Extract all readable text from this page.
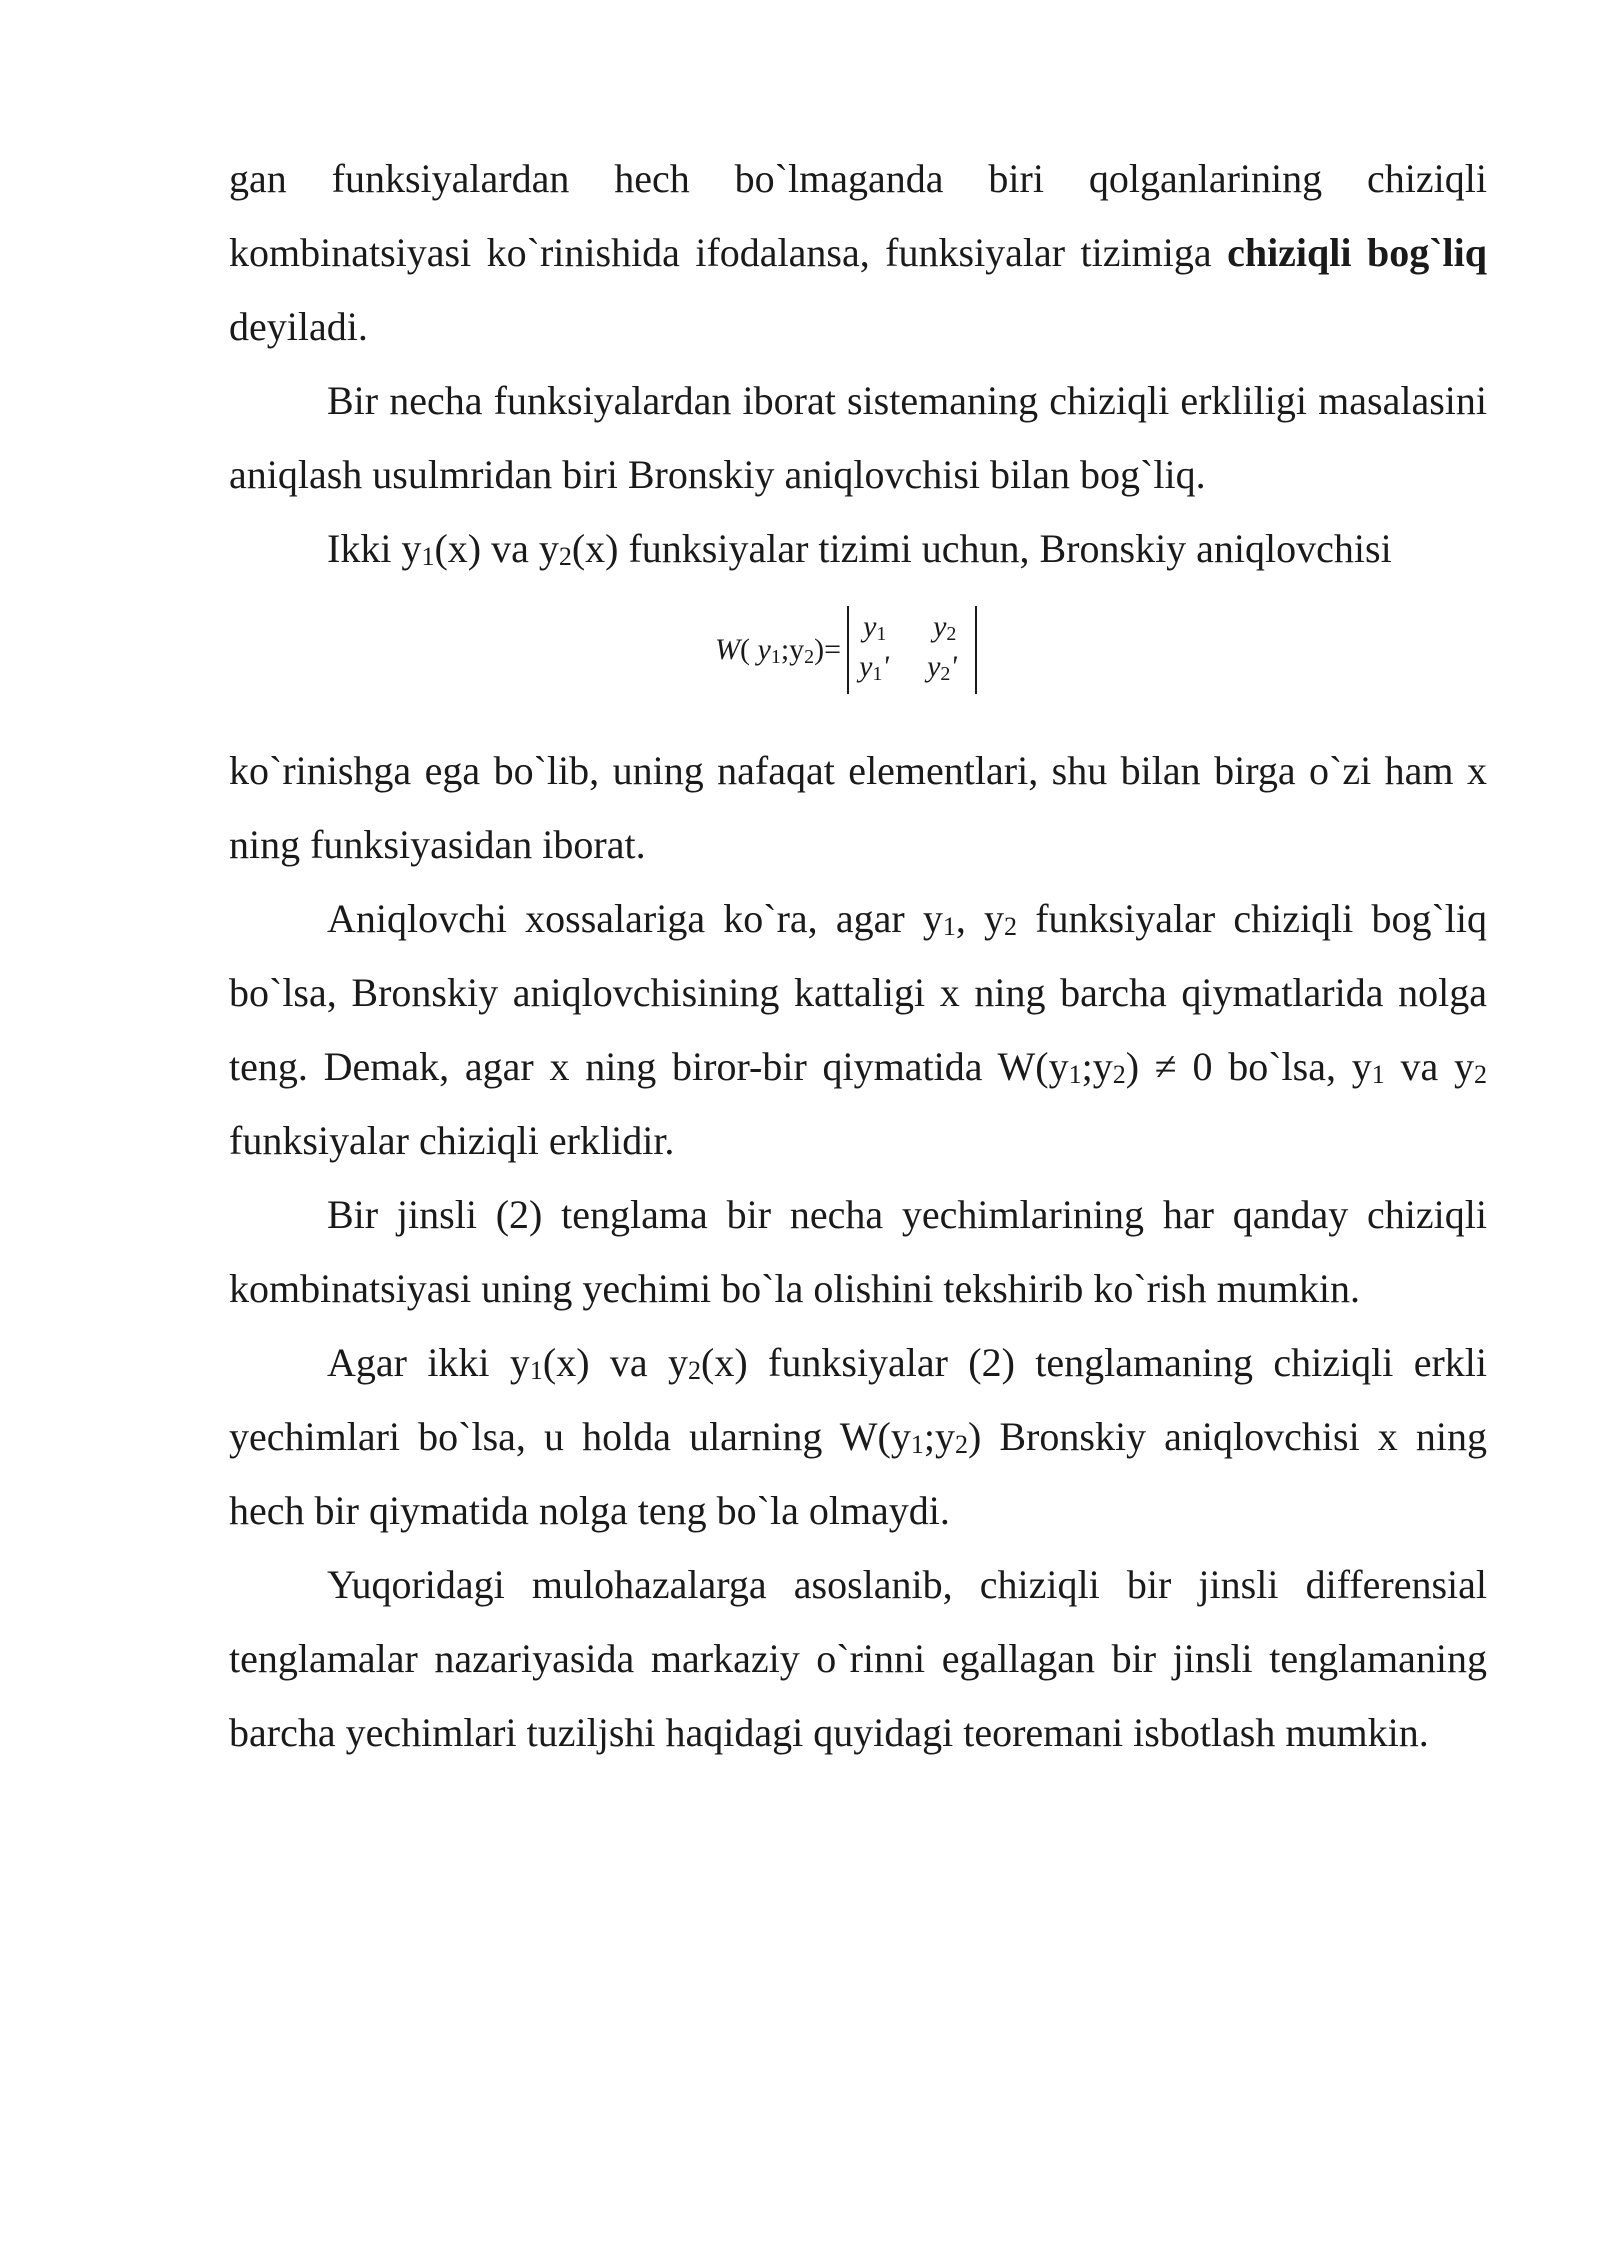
gan funksiyalardan hech bo`lmaganda biri qolganlarining chiziqli kombinatsiyasi ko`rinishida ifodalansa, funksiyalar tizimiga chiziqli bog`liq deyiladi.

Bir necha funksiyalardan iborat sistemaning chiziqli erkliligi masalasini aniqlash usulmridan biri Bronskiy aniqlovchisi bilan bog`liq.

Ikki $y_1(x)$ va $y_2(x)$ funksiyalar tizimi uchun, Bronskiy aniqlovchisi

W( $y_1;y_2)=$
$y_1$ $y_2$
$y_1'$ $y_2'$

ko`rinishga ega bo`lib, uning nafaqat elementlari, shu bilan birga o`zi ham x ning funksiyasidan iborat.

Aniqlovchi xossalariga ko`ra, agar $y_1$, $y_2$ funksiyalar chiziqli bog`liq bo`lsa, Bronskiy aniqlovchisining kattaligi x ning barcha qiymatlarida nolga teng. Demak, agar x ning biror-bir qiymatida $W(y_1;y_2) \ne 0$ bo`lsa, $y_1$ va $y_2$ funksiyalar chiziqli erklidir.

Bir jinsli (2) tenglama bir necha yechimlarining har qanday chiziqli kombinatsiyasi uning yechimi bo`la olishini tekshirib ko`rish mumkin.

Agar ikki $y_1(x)$ va $y_2(x)$ funksiyalar (2) tenglamaning chiziqli erkli yechimlari bo`lsa, u holda ularning $W(y_1;y_2)$ Bronskiy aniqlovchisi x ning hech bir qiymatida nolga teng bo`la olmaydi.

Yuqoridagi mulohazalarga asoslanib, chiziqli bir jinsli differensial tenglamalar nazariyasida markaziy o`rinni egallagan bir jinsli tenglamaning barcha yechimlari tuziljshi haqidagi quyidagi teoremani isbotlash mumkin.
